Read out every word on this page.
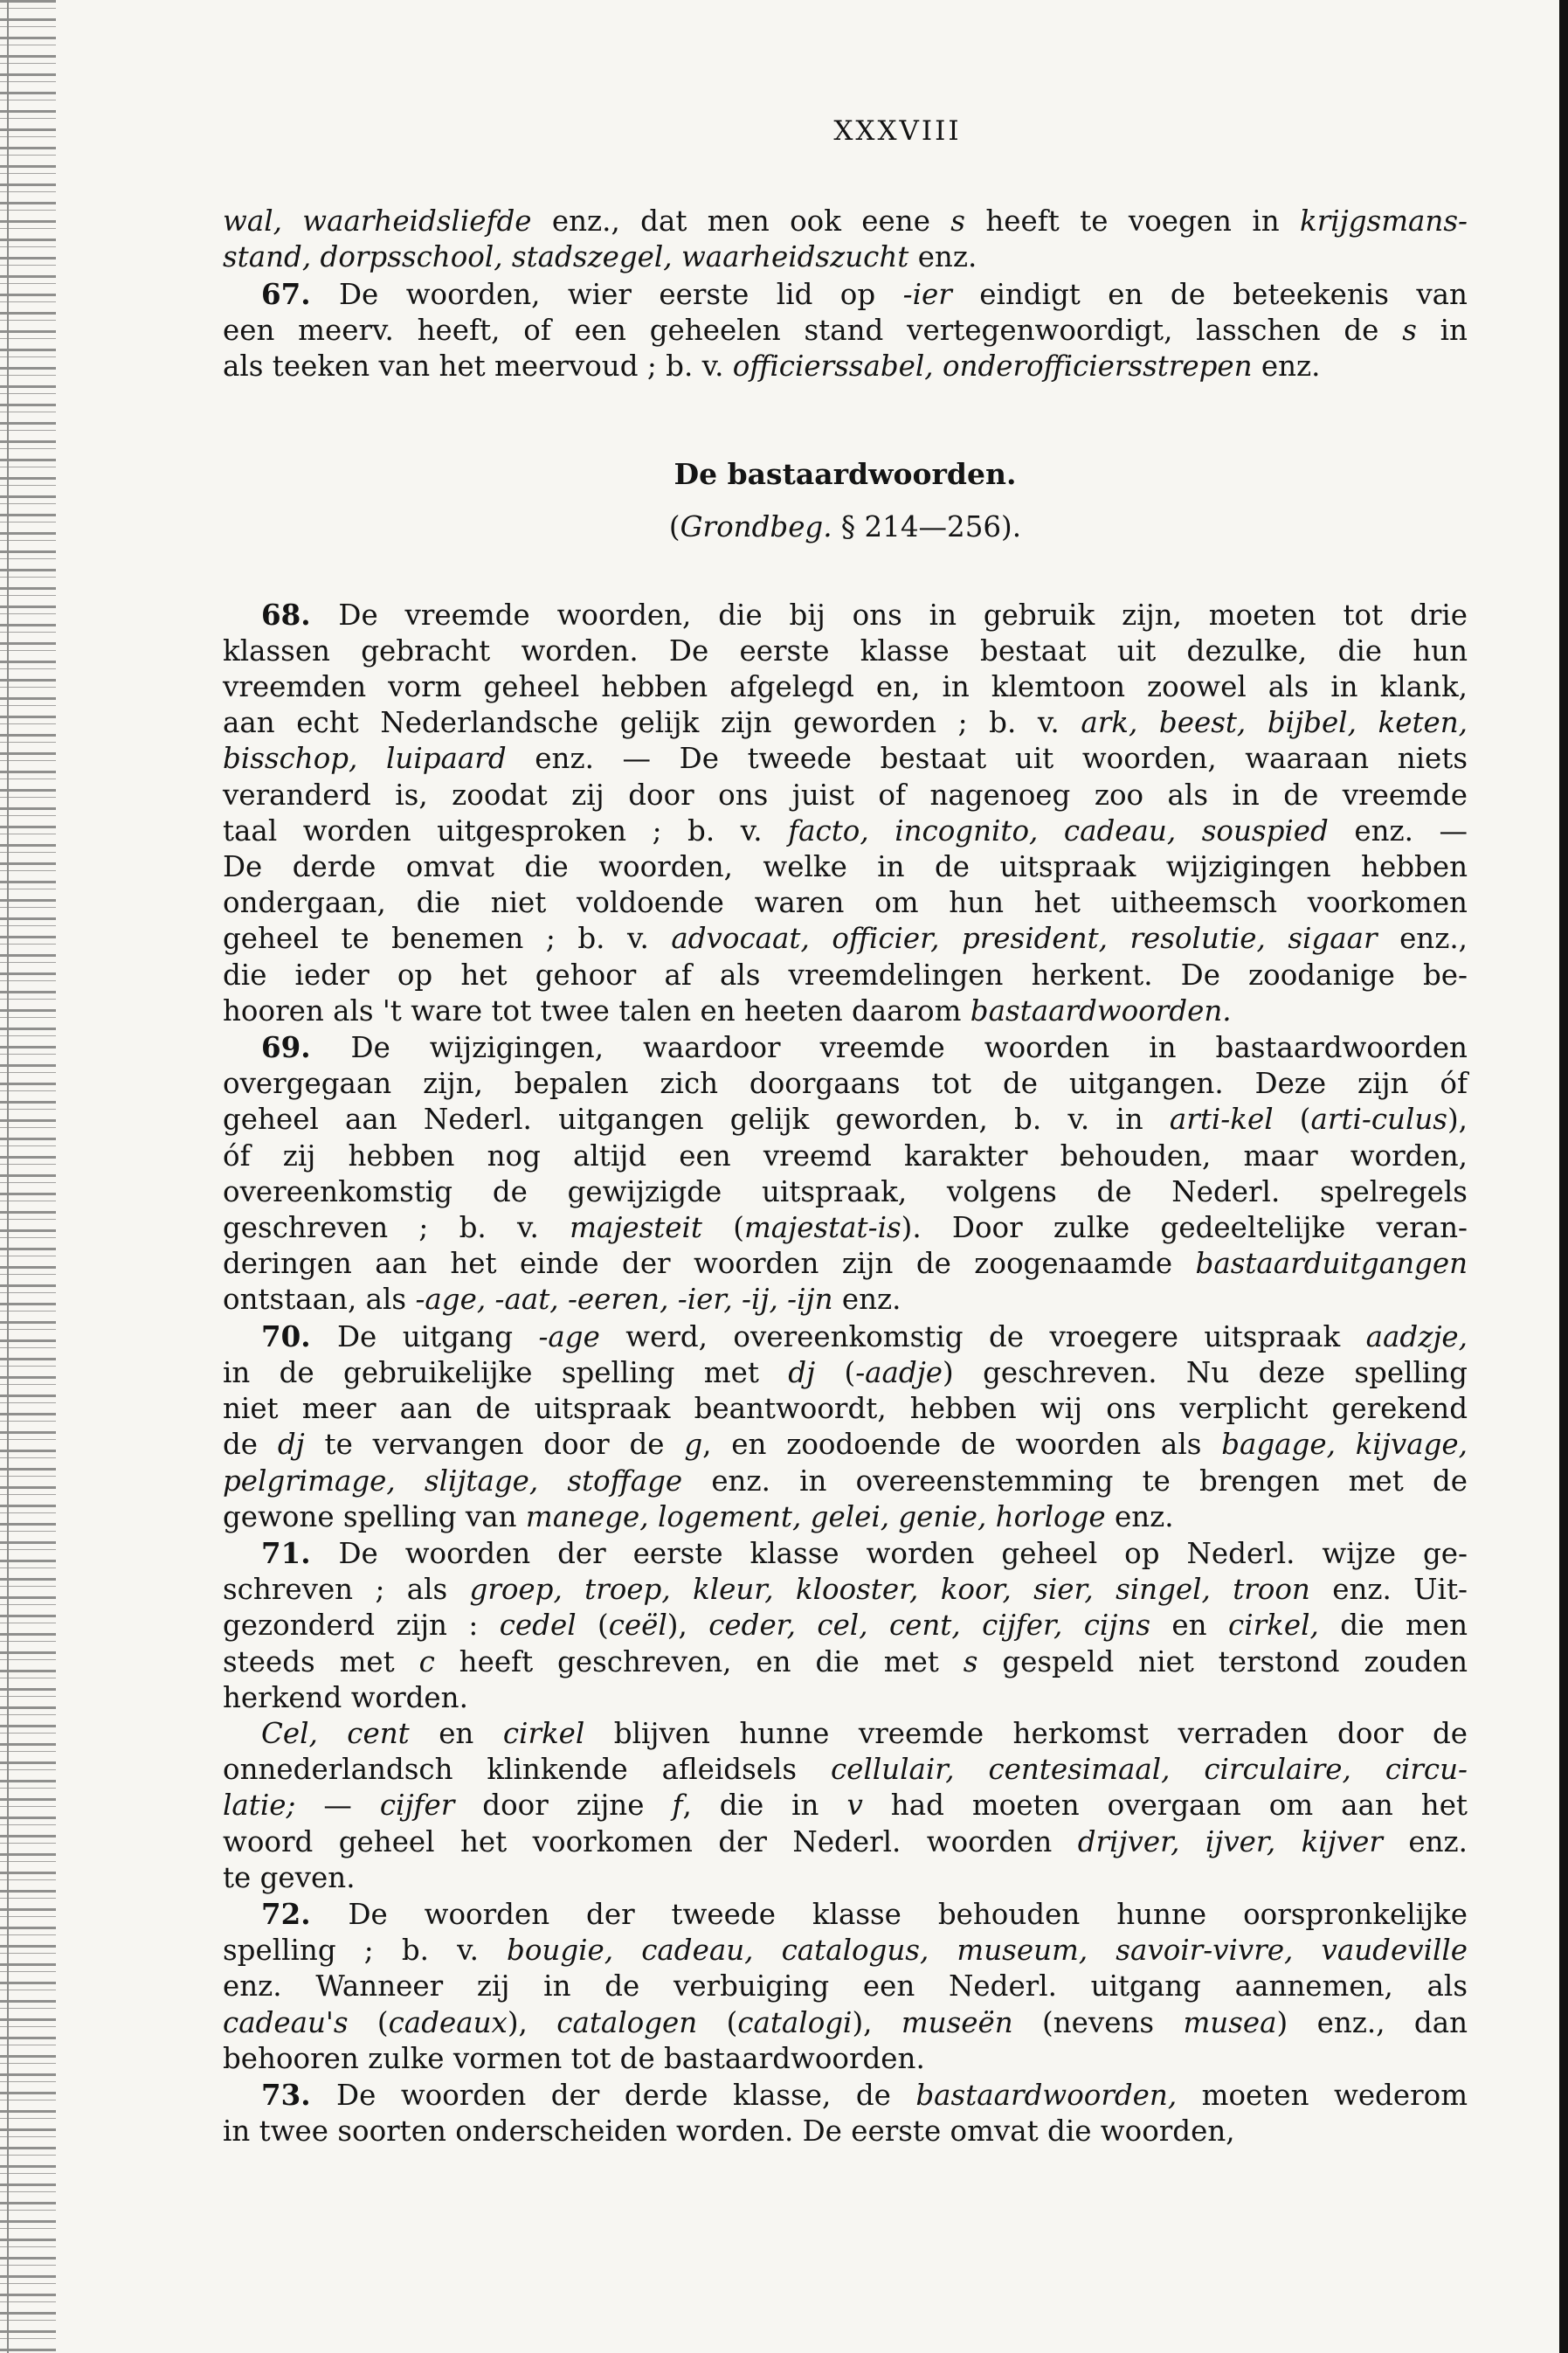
XXXVIII
wal, waarheidsliefde enz., dat men ook eene s heeft te voegen in krijgsmans-
stand, dorpsschool, stadszegel, waarheidszucht enz.
67. De woorden, wier eerste lid op -ier eindigt en de beteekenis van
een meerv. heeft, of een geheelen stand vertegenwoordigt, lasschen de s in
als teeken van het meervoud ; b. v. officierssabel, onderofficiersstrepen enz.
De bastaardwoorden.
(Grondbeg. § 214—256).
68. De vreemde woorden, die bij ons in gebruik zijn, moeten tot drie
klassen gebracht worden. De eerste klasse bestaat uit dezulke, die hun
vreemden vorm geheel hebben afgelegd en, in klemtoon zoowel als in klank,
aan echt Nederlandsche gelijk zijn geworden ; b. v. ark, beest, bijbel, keten,
bisschop, luipaard enz. — De tweede bestaat uit woorden, waaraan niets
veranderd is, zoodat zij door ons juist of nagenoeg zoo als in de vreemde
taal worden uitgesproken ; b. v. facto, incognito, cadeau, souspied enz. —
De derde omvat die woorden, welke in de uitspraak wijzigingen hebben
ondergaan, die niet voldoende waren om hun het uitheemsch voorkomen
geheel te benemen ; b. v. advocaat, officier, president, resolutie, sigaar enz.,
die ieder op het gehoor af als vreemdelingen herkent. De zoodanige be-
hooren als 't ware tot twee talen en heeten daarom bastaardwoorden.
69. De wijzigingen, waardoor vreemde woorden in bastaardwoorden
overgegaan zijn, bepalen zich doorgaans tot de uitgangen. Deze zijn óf
geheel aan Nederl. uitgangen gelijk geworden, b. v. in arti-kel (arti-culus),
óf zij hebben nog altijd een vreemd karakter behouden, maar worden,
overeenkomstig de gewijzigde uitspraak, volgens de Nederl. spelregels
geschreven ; b. v. majesteit (majestat-is). Door zulke gedeeltelijke veran-
deringen aan het einde der woorden zijn de zoogenaamde bastaarduitgangen
ontstaan, als -age, -aat, -eeren, -ier, -ij, -ijn enz.
70. De uitgang -age werd, overeenkomstig de vroegere uitspraak aadzje,
in de gebruikelijke spelling met dj (-aadje) geschreven. Nu deze spelling
niet meer aan de uitspraak beantwoordt, hebben wij ons verplicht gerekend
de dj te vervangen door de g, en zoodoende de woorden als bagage, kijvage,
pelgrimage, slijtage, stoffage enz. in overeenstemming te brengen met de
gewone spelling van manege, logement, gelei, genie, horloge enz.
71. De woorden der eerste klasse worden geheel op Nederl. wijze ge-
schreven ; als groep, troep, kleur, klooster, koor, sier, singel, troon enz. Uit-
gezonderd zijn : cedel (ceël), ceder, cel, cent, cijfer, cijns en cirkel, die men
steeds met c heeft geschreven, en die met s gespeld niet terstond zouden
herkend worden.
Cel, cent en cirkel blijven hunne vreemde herkomst verraden door de
onnederlandsch klinkende afleidsels cellulair, centesimaal, circulaire, circu-
latie; — cijfer door zijne f, die in v had moeten overgaan om aan het
woord geheel het voorkomen der Nederl. woorden drijver, ijver, kijver enz.
te geven.
72. De woorden der tweede klasse behouden hunne oorspronkelijke
spelling ; b. v. bougie, cadeau, catalogus, museum, savoir-vivre, vaudeville
enz. Wanneer zij in de verbuiging een Nederl. uitgang aannemen, als
cadeau's (cadeaux), catalogen (catalogi), museën (nevens musea) enz., dan
behooren zulke vormen tot de bastaardwoorden.
73. De woorden der derde klasse, de bastaardwoorden, moeten wederom
in twee soorten onderscheiden worden. De eerste omvat die woorden,
